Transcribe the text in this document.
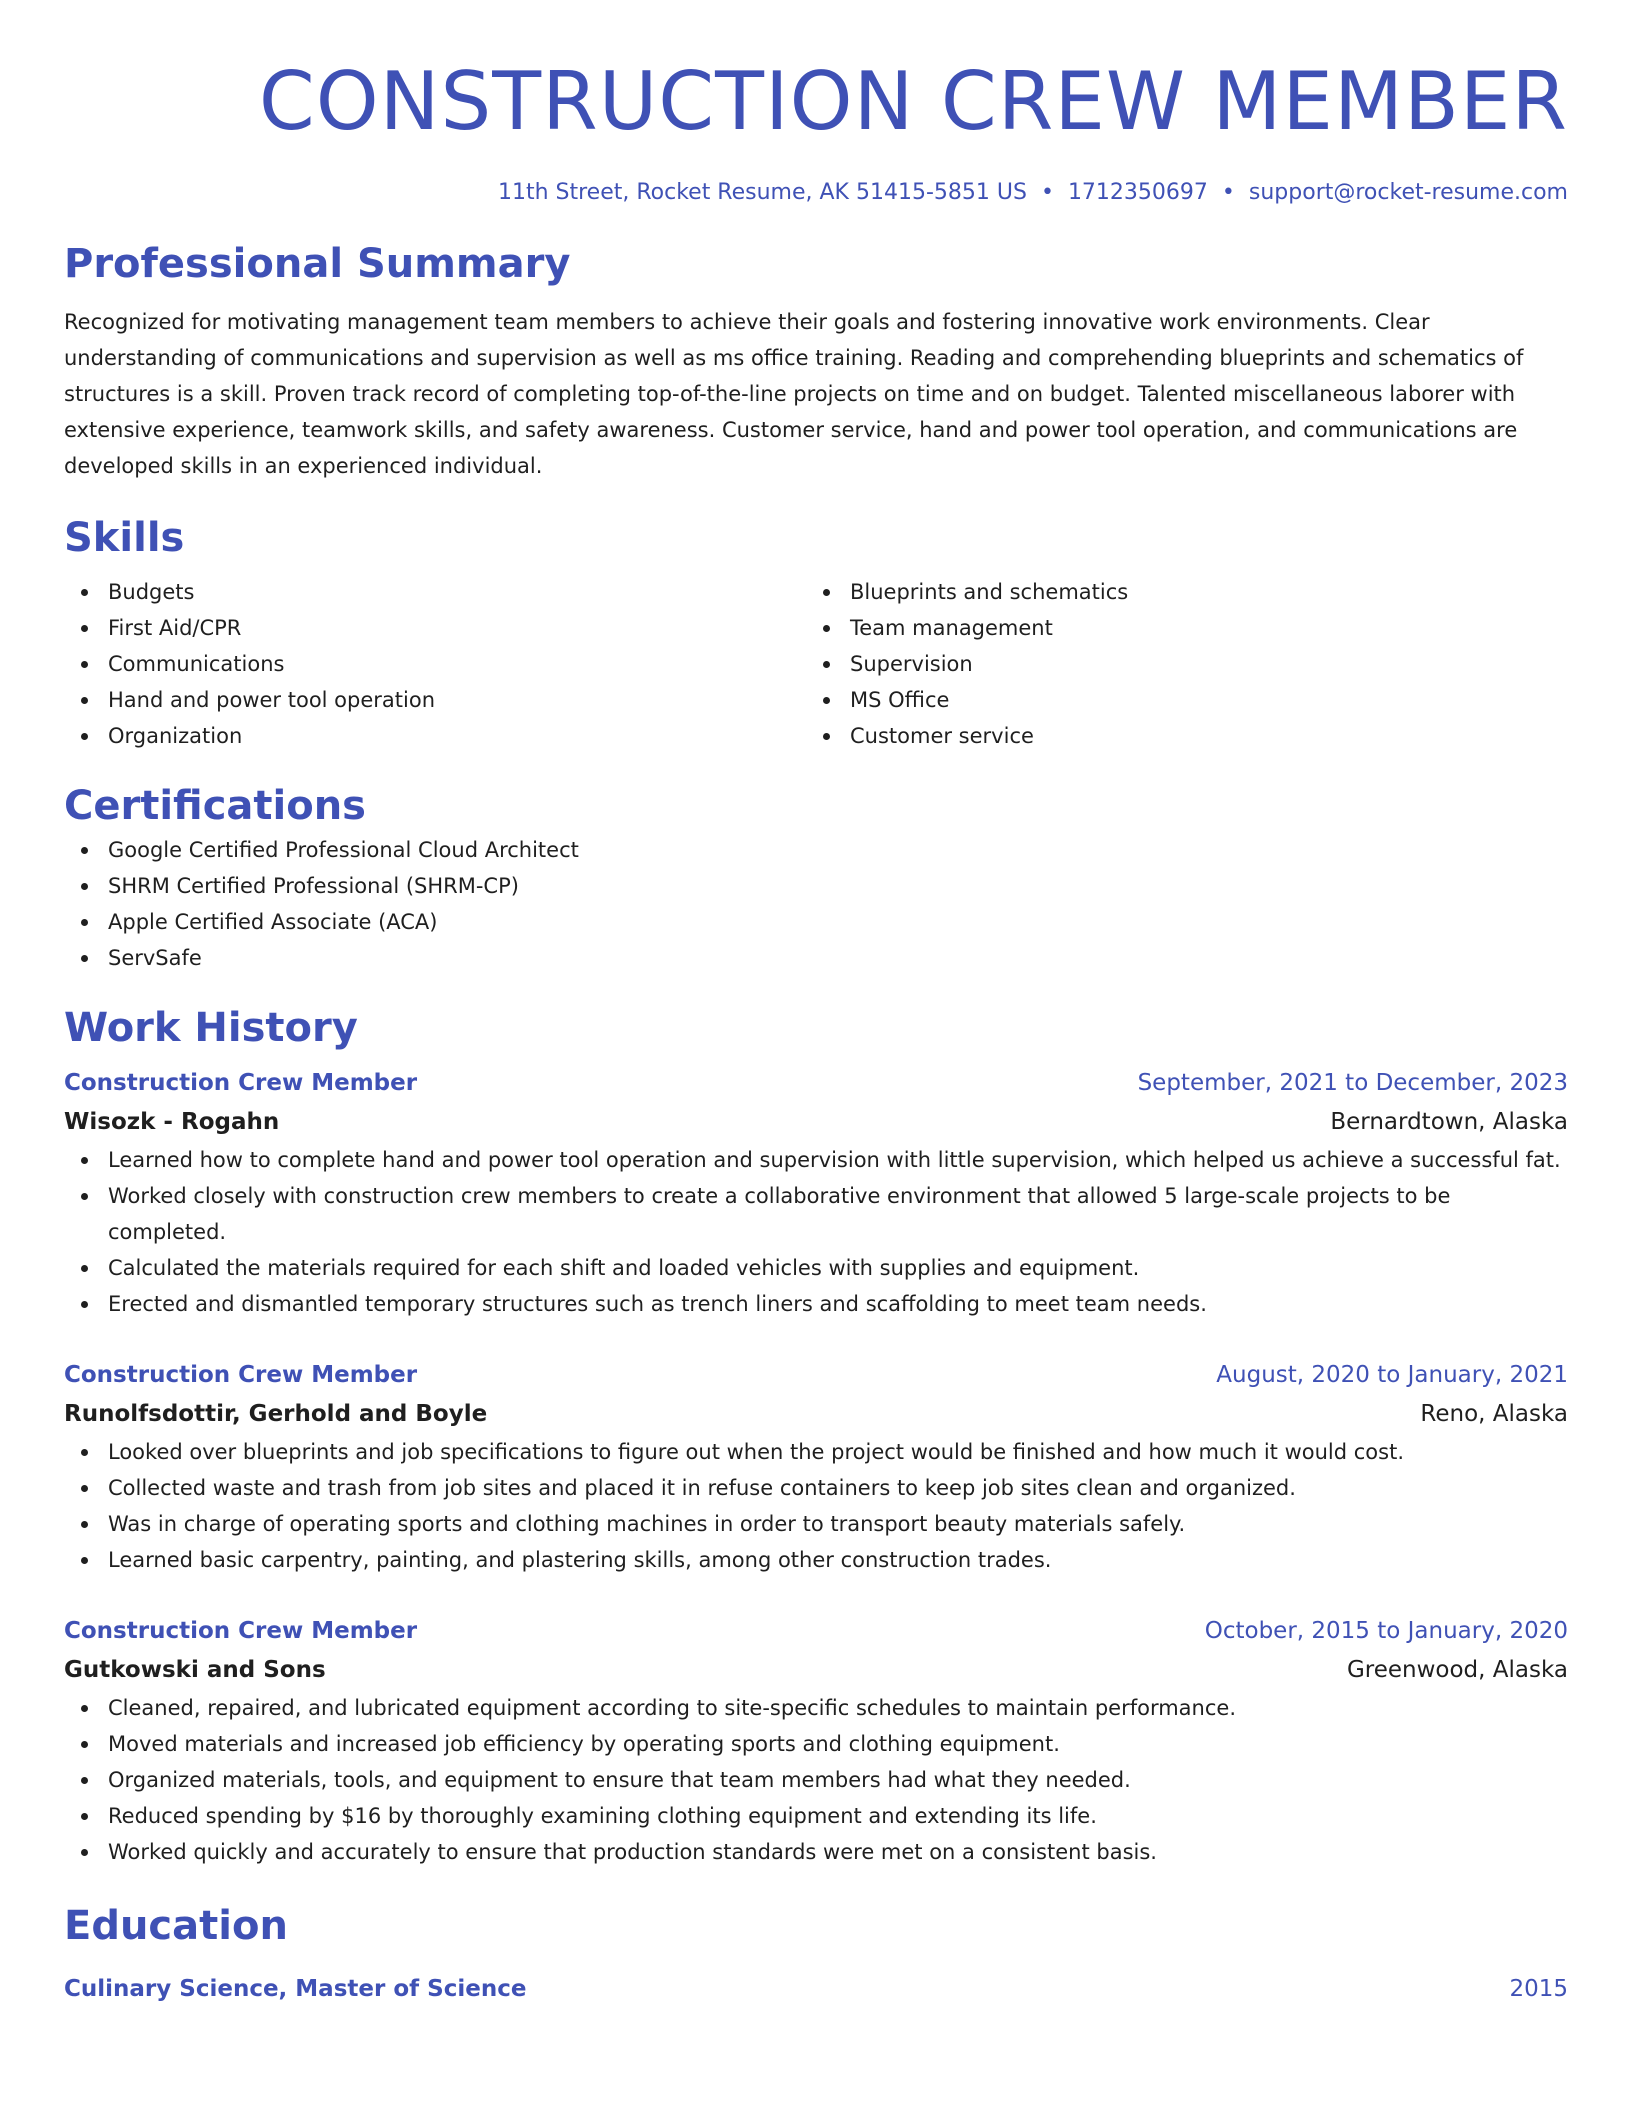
CONSTRUCTION CREW MEMBER
11th Street, Rocket Resume, AK 51415-5851 US • 1712350697 • support@rocket-resume.com
Professional Summary

Recognized for motivating management team members to achieve their goals and fostering innovative work environments. Clear understanding of communications and supervision as well as ms office training. Reading and comprehending blueprints and schematics of structures is a skill. Proven track record of completing top-of-the-line projects on time and on budget. Talented miscellaneous laborer with extensive experience, teamwork skills, and safety awareness. Customer service, hand and power tool operation, and communications are developed skills in an experienced individual.

Skills
Budgets
First Aid/CPR
Communications
Hand and power tool operation
Organization
Blueprints and schematics
Team management
Supervision
MS Office
Customer service
Certifications
Google Certified Professional Cloud Architect
SHRM Certified Professional (SHRM-CP)
Apple Certified Associate (ACA)
ServSafe
Work History
Construction Crew Member	September, 2021 to December, 2023
Wisozk - Rogahn	Bernardtown, Alaska
Learned how to complete hand and power tool operation and supervision with little supervision, which helped us achieve a successful fat.
Worked closely with construction crew members to create a collaborative environment that allowed 5 large-scale projects to be completed.
Calculated the materials required for each shift and loaded vehicles with supplies and equipment.
Erected and dismantled temporary structures such as trench liners and scaffolding to meet team needs.
Construction Crew Member	August, 2020 to January, 2021
Runolfsdottir, Gerhold and Boyle	Reno, Alaska
Looked over blueprints and job specifications to figure out when the project would be finished and how much it would cost.
Collected waste and trash from job sites and placed it in refuse containers to keep job sites clean and organized.
Was in charge of operating sports and clothing machines in order to transport beauty materials safely.
Learned basic carpentry, painting, and plastering skills, among other construction trades.
Construction Crew Member	October, 2015 to January, 2020
Gutkowski and Sons	Greenwood, Alaska
Cleaned, repaired, and lubricated equipment according to site-specific schedules to maintain performance.
Moved materials and increased job efficiency by operating sports and clothing equipment.
Organized materials, tools, and equipment to ensure that team members had what they needed.
Reduced spending by $16 by thoroughly examining clothing equipment and extending its life.
Worked quickly and accurately to ensure that production standards were met on a consistent basis.
Education
Culinary Science, Master of Science	2015
